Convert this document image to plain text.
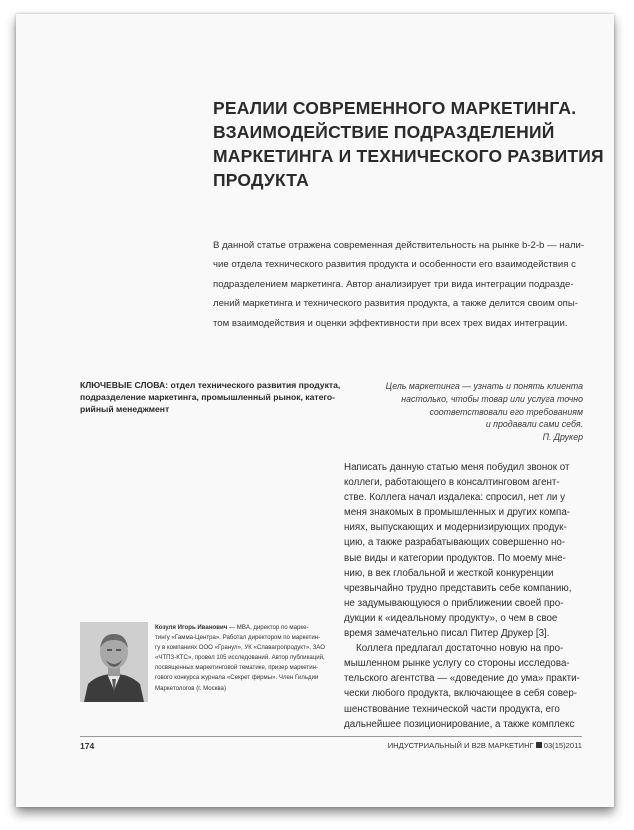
РЕАЛИИ СОВРЕМЕННОГО МАРКЕТИНГА.
ВЗАИМОДЕЙСТВИЕ ПОДРАЗДЕЛЕНИЙ
МАРКЕТИНГА И ТЕХНИЧЕСКОГО РАЗВИТИЯ
ПРОДУКТА
В данной статье отражена современная действительность на рынке b-2-b — нали-
чие отдела технического развития продукта и особенности его взаимодействия с
подразделением маркетинга. Автор анализирует три вида интеграции подразде-
лений маркетинга и технического развития продукта, а также делится своим опы-
том взаимодействия и оценки эффективности при всех трех видах интеграции.
КЛЮЧЕВЫЕ СЛОВА: отдел технического развития продукта,
подразделение маркетинга, промышленный рынок, катего-
рийный менеджмент
Цель маркетинга — узнать и понять клиента
настолько, чтобы товар или услуга точно
соответствовали его требованиям
и продавали сами себя.
П. Друкер
Написать данную статью меня побудил звонок от
коллеги, работающего в консалтинговом агент-
стве. Коллега начал издалека: спросил, нет ли у
меня знакомых в промышленных и других компа-
ниях, выпускающих и модернизирующих продук-
цию, а также разрабатывающих совершенно но-
вые виды и категории продуктов. По моему мне-
нию, в век глобальной и жесткой конкуренции
чрезвычайно трудно представить себе компанию,
не задумывающуюся о приближении своей про-
дукции к «идеальному продукту», о чем в свое
время замечательно писал Питер Друкер [3].
Коллега предлагал достаточно новую на про-
мышленном рынке услугу со стороны исследова-
тельского агентства — «доведение до ума» практи-
чески любого продукта, включающее в себя совер-
шенствование технической части продукта, его
дальнейшее позиционирование, а также комплекс
Козуля Игорь Иванович — MBA, директор по марке-
тингу «Гамма-Центра». Работал директором по маркетин-
гу в компаниях ООО «Гранул», УК «Славагропродукт», ЗАО
«ЧТПЗ-КТС», провел 105 исследований. Автор публикаций,
посвященных маркетинговой тематике, призер маркетин-
гового конкурса журнала «Секрет фирмы». Член Гильдии
Маркетологов (г. Москва)
174	ИНДУСТРИАЛЬНЫЙ И В2В МАРКЕТИНГ 03(15)2011
